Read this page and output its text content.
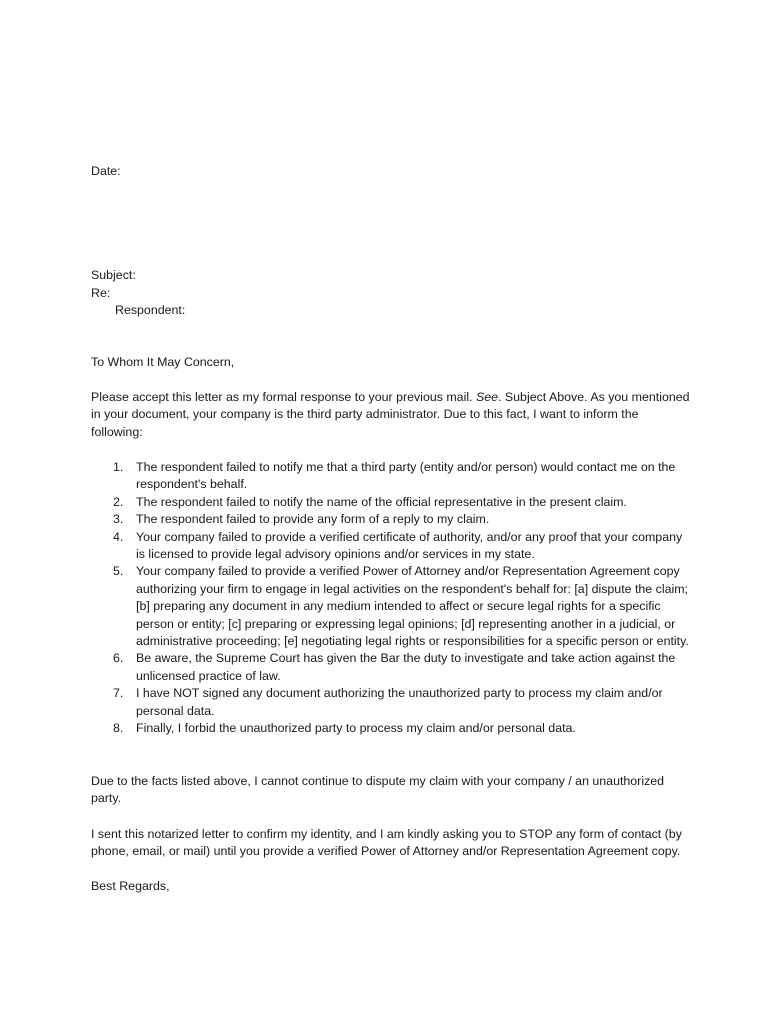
Date:

Subject:

Re:

Respondent:

To Whom It May Concern,

Please accept this letter as my formal response to your previous mail. See. Subject Above. As you mentioned in your document, your company is the third party administrator. Due to this fact, I want to inform the following:

1. The respondent failed to notify me that a third party (entity and/or person) would contact me on the respondent's behalf.
2. The respondent failed to notify the name of the official representative in the present claim.
3. The respondent failed to provide any form of a reply to my claim.
4. Your company failed to provide a verified certificate of authority, and/or any proof that your company is licensed to provide legal advisory opinions and/or services in my state.
5. Your company failed to provide a verified Power of Attorney and/or Representation Agreement copy authorizing your firm to engage in legal activities on the respondent's behalf for: [a] dispute the claim; [b] preparing any document in any medium intended to affect or secure legal rights for a specific person or entity; [c] preparing or expressing legal opinions; [d] representing another in a judicial, or administrative proceeding; [e] negotiating legal rights or responsibilities for a specific person or entity.
6. Be aware, the Supreme Court has given the Bar the duty to investigate and take action against the unlicensed practice of law.
7. I have NOT signed any document authorizing the unauthorized party to process my claim and/or personal data.
8. Finally, I forbid the unauthorized party to process my claim and/or personal data.

Due to the facts listed above, I cannot continue to dispute my claim with your company / an unauthorized party.

I sent this notarized letter to confirm my identity, and I am kindly asking you to STOP any form of contact (by phone, email, or mail) until you provide a verified Power of Attorney and/or Representation Agreement copy.

Best Regards,
